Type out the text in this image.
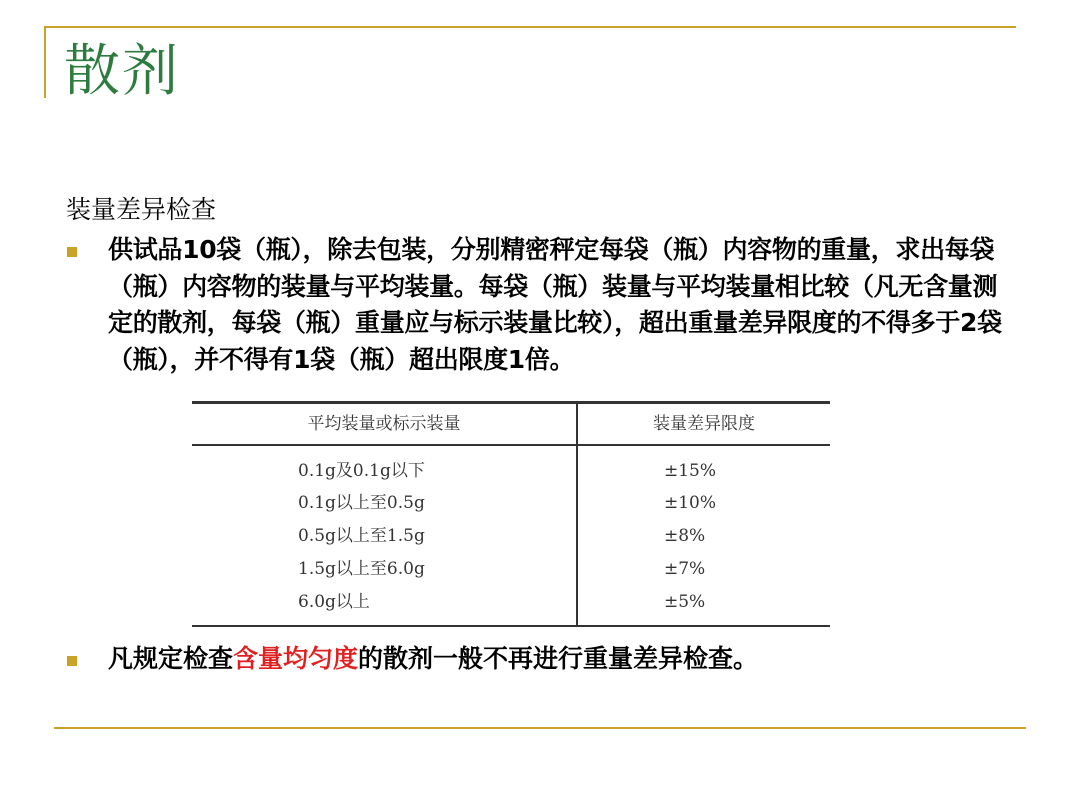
散剂
装量差异检查
供试品10袋（瓶），除去包装，分别精密秤定每袋（瓶）内容物的重量，求出每袋（瓶）内容物的装量与平均装量。每袋（瓶）装量与平均装量相比较（凡无含量测定的散剂，每袋（瓶）重量应与标示装量比较），超出重量差异限度的不得多于2袋（瓶），并不得有1袋（瓶）超出限度1倍。
平均装量或标示装量	装量差异限度
0.1g及0.1g以下	±15%
0.1g以上至0.5g	±10%
0.5g以上至1.5g	±8%
1.5g以上至6.0g	±7%
6.0g以上	±5%
凡规定检查含量均匀度的散剂一般不再进行重量差异检查。
